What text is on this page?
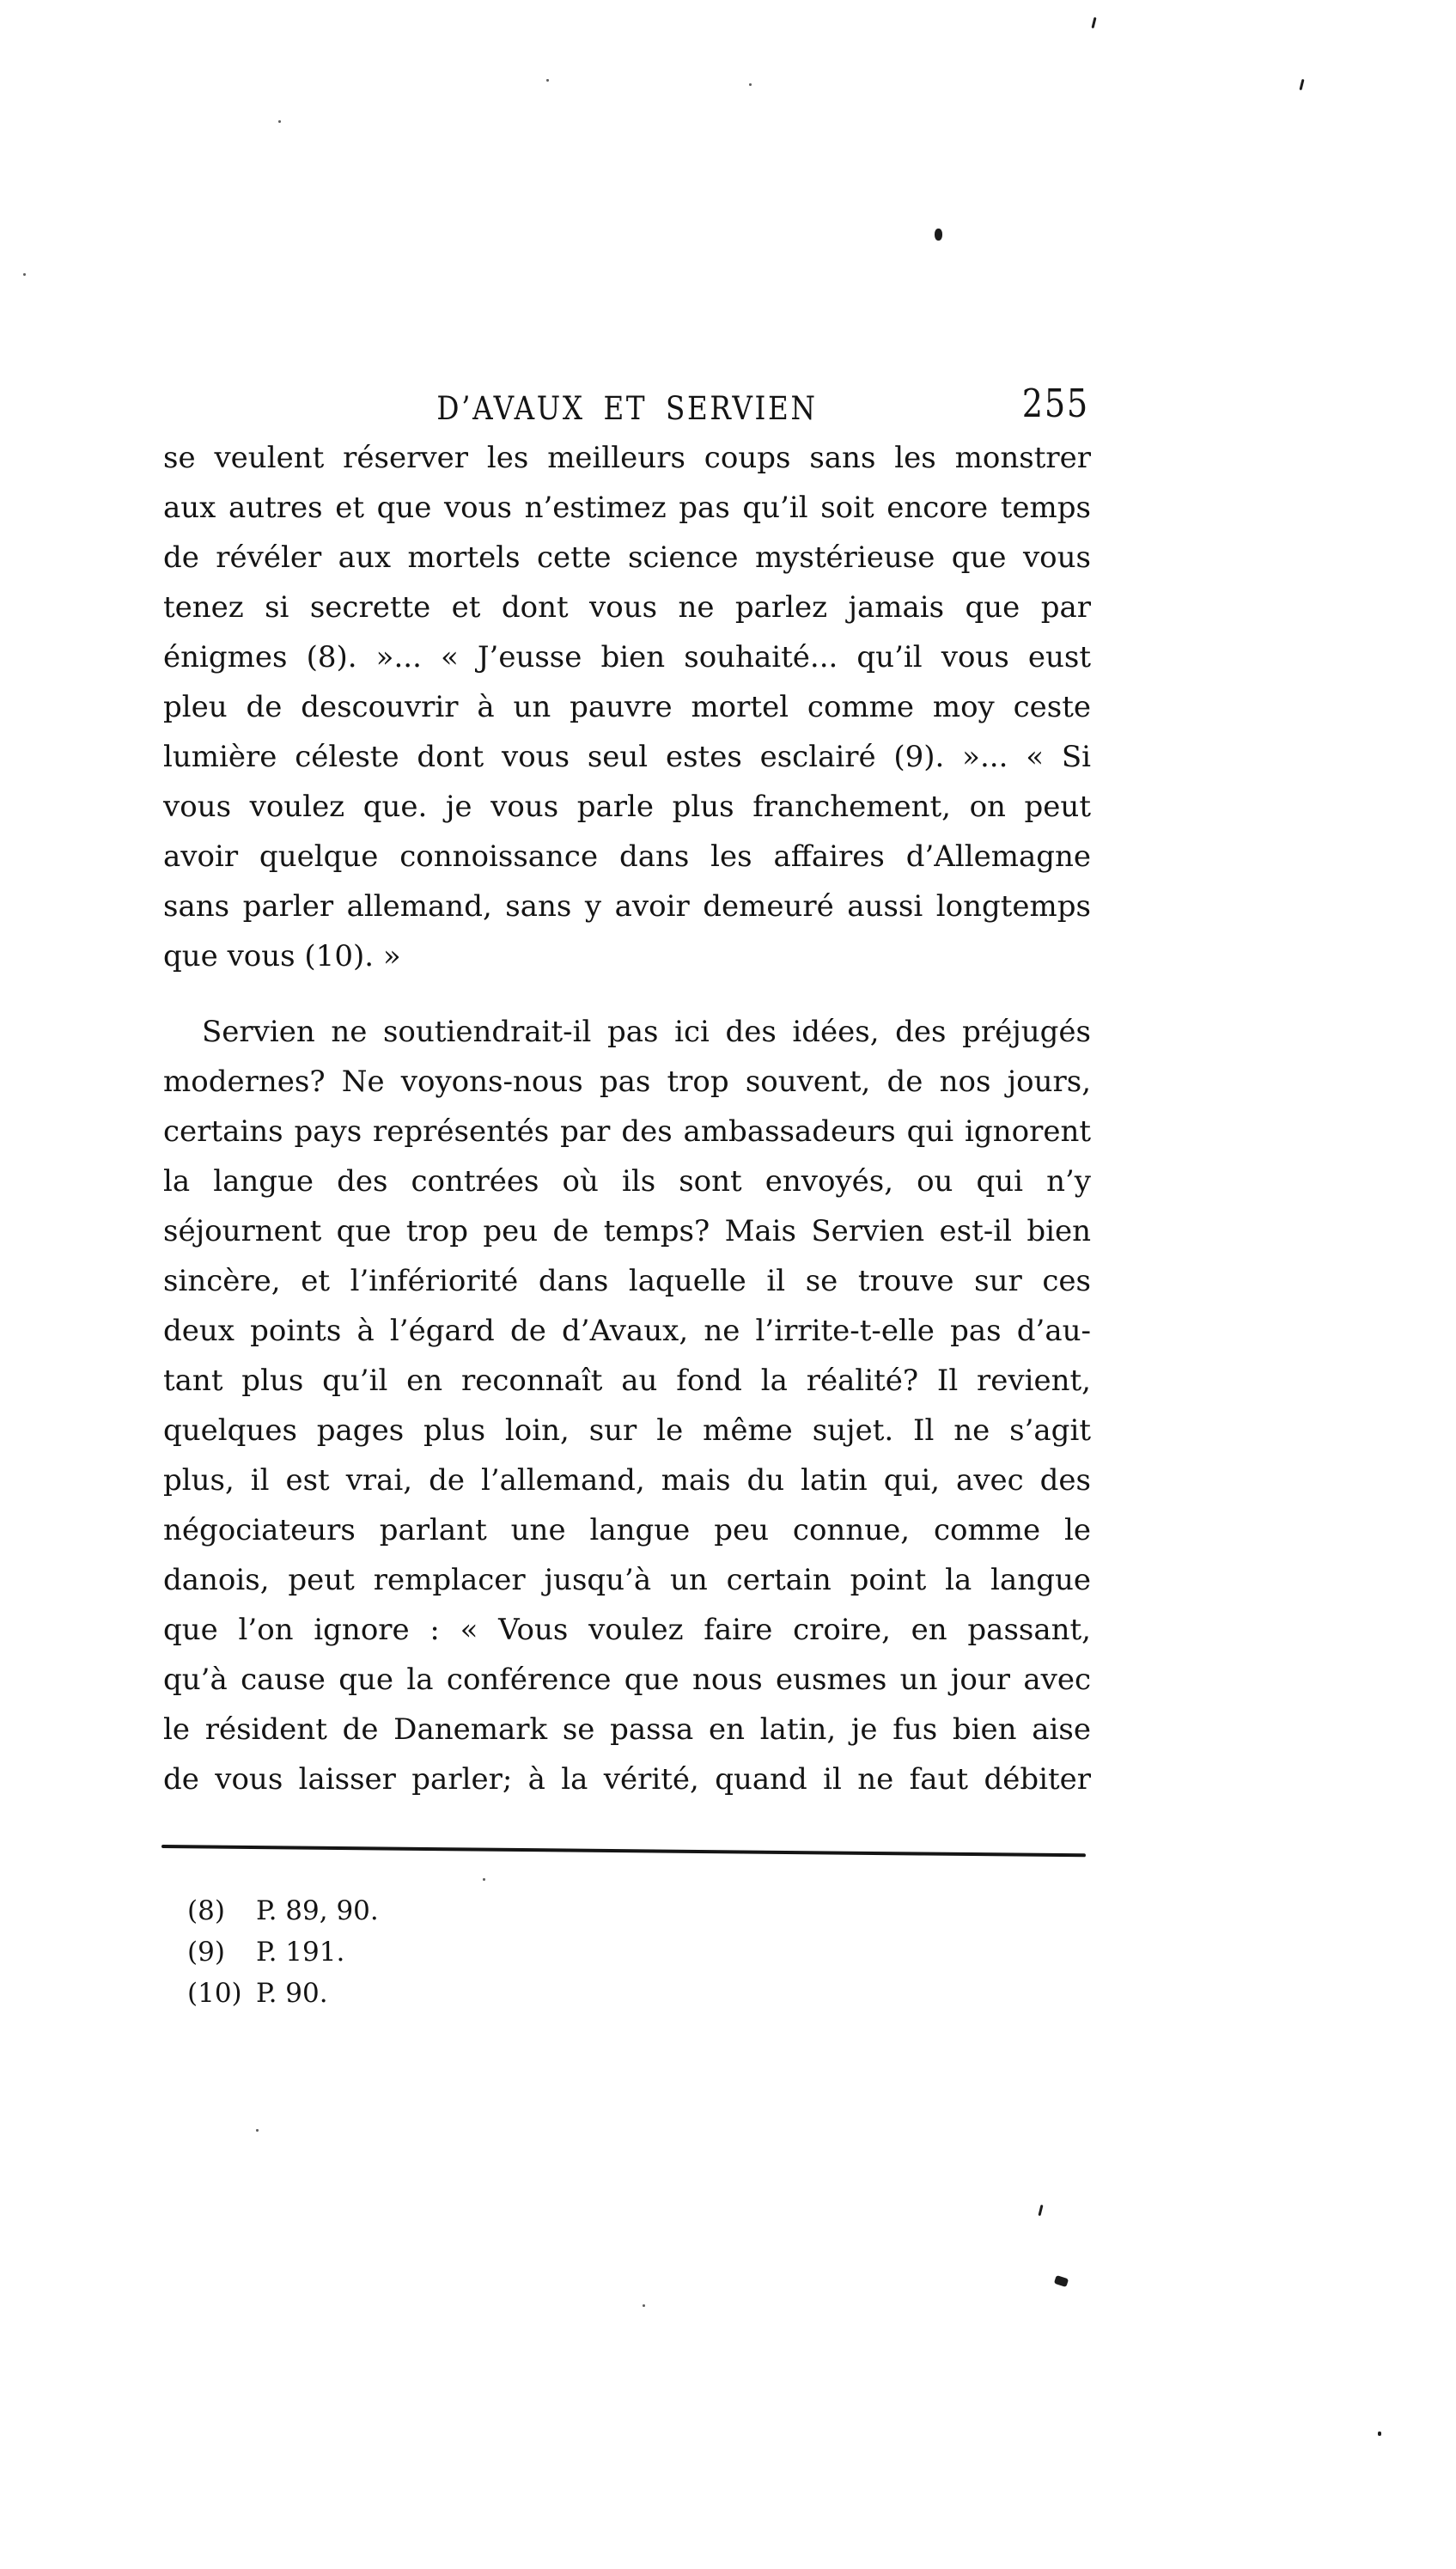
D’AVAUX ET SERVIEN	255
se veulent réserver les meilleurs coups sans les monstrer
aux autres et que vous n’estimez pas qu’il soit encore temps
de révéler aux mortels cette science mystérieuse que vous
tenez si secrette et dont vous ne parlez jamais que par
énigmes (8). »... « J’eusse bien souhaité... qu’il vous eust
pleu de descouvrir à un pauvre mortel comme moy ceste
lumière céleste dont vous seul estes esclairé (9). »... « Si
vous voulez que. je vous parle plus franchement, on peut
avoir quelque connoissance dans les affaires d’Allemagne
sans parler allemand, sans y avoir demeuré aussi longtemps
que vous (10). »
Servien ne soutiendrait-il pas ici des idées, des préjugés
modernes? Ne voyons-nous pas trop souvent, de nos jours,
certains pays représentés par des ambassadeurs qui ignorent
la langue des contrées où ils sont envoyés, ou qui n’y
séjournent que trop peu de temps? Mais Servien est-il bien
sincère, et l’infériorité dans laquelle il se trouve sur ces
deux points à l’égard de d’Avaux, ne l’irrite-t-elle pas d’au-
tant plus qu’il en reconnaît au fond la réalité? Il revient,
quelques pages plus loin, sur le même sujet. Il ne s’agit
plus, il est vrai, de l’allemand, mais du latin qui, avec des
négociateurs parlant une langue peu connue, comme le
danois, peut remplacer jusqu’à un certain point la langue
que l’on ignore : « Vous voulez faire croire, en passant,
qu’à cause que la conférence que nous eusmes un jour avec
le résident de Danemark se passa en latin, je fus bien aise
de vous laisser parler; à la vérité, quand il ne faut débiter
(8) P. 89, 90.
(9) P. 191.
(10) P. 90.
